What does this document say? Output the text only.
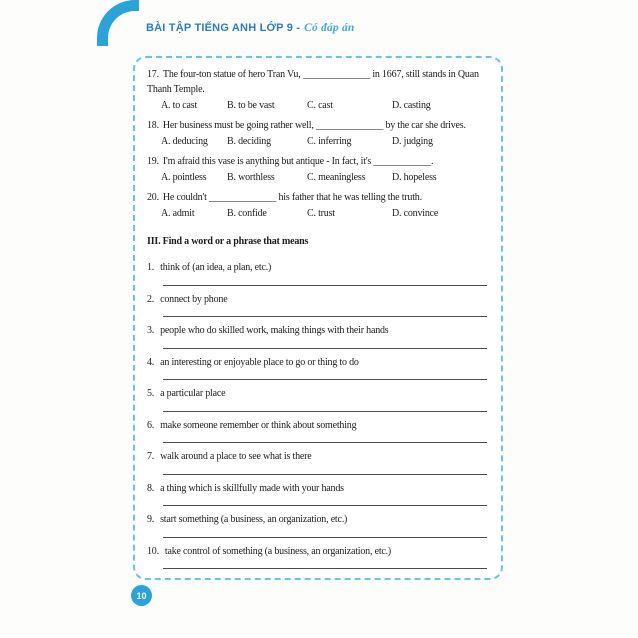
BÀI TẬP TIẾNG ANH LỚP 9 - Có đáp án

17. The four-ton statue of hero Tran Vu, ______________ in 1667, still stands in Quan Thanh Temple.

A. to cast	B. to be vast	C. cast	D. casting

18. Her business must be going rather well, ______________ by the car she drives.

A. deducing	B. deciding	C. inferring	D. judging

19. I'm afraid this vase is anything but antique - In fact, it's ____________.

A. pointless	B. worthless	C. meaningless	D. hopeless

20. He couldn't ______________ his father that he was telling the truth.

A. admit	B. confide	C. trust	D. convince
III. Find a word or a phrase that means

1. think of (an idea, a plan, etc.)

2. connect by phone

3. people who do skilled work, making things with their hands

4. an interesting or enjoyable place to go or thing to do

5. a particular place

6. make someone remember or think about something

7. walk around a place to see what is there

8. a thing which is skillfully made with your hands

9. start something (a business, an organization, etc.)

10. take control of something (a business, an organization, etc.)

10
